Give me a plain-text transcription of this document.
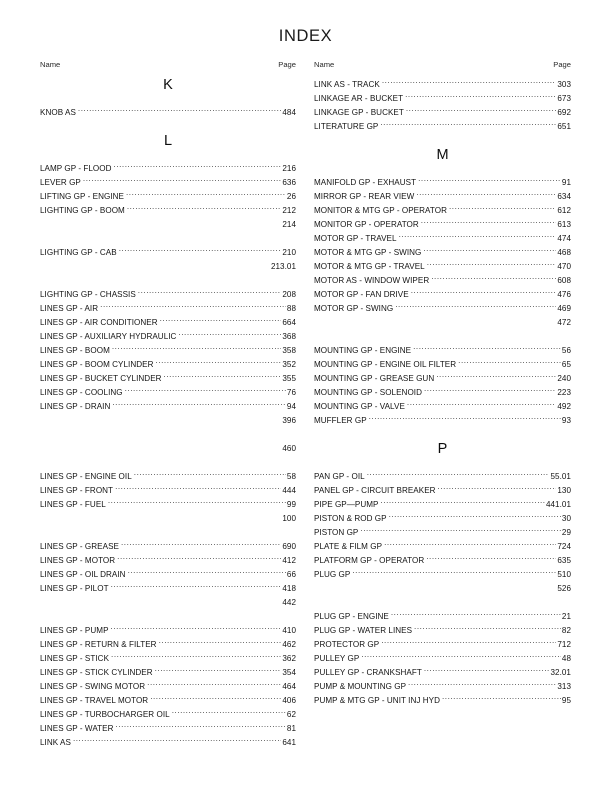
INDEX
Name	Page
K
KNOB AS .....	484
L
LAMP GP - FLOOD .....	216
LEVER GP .....	636
LIFTING GP - ENGINE .....	26
LIGHTING GP - BOOM .....	212
214
LIGHTING GP - CAB .....	210
213.01
LIGHTING GP - CHASSIS .....	208
LINES GP - AIR .....	88
LINES GP - AIR CONDITIONER .....	664
LINES GP - AUXILIARY HYDRAULIC .....	368
LINES GP - BOOM .....	358
LINES GP - BOOM CYLINDER .....	352
LINES GP - BUCKET CYLINDER .....	355
LINES GP - COOLING .....	76
LINES GP - DRAIN .....	94
396
460
LINES GP - ENGINE OIL .....	58
LINES GP - FRONT .....	444
LINES GP - FUEL .....	99
100
LINES GP - GREASE .....	690
LINES GP - MOTOR .....	412
LINES GP - OIL DRAIN .....	66
LINES GP - PILOT .....	418
442
LINES GP - PUMP .....	410
LINES GP - RETURN & FILTER .....	462
LINES GP - STICK .....	362
LINES GP - STICK CYLINDER .....	354
LINES GP - SWING MOTOR .....	464
LINES GP - TRAVEL MOTOR .....	406
LINES GP - TURBOCHARGER OIL .....	62
LINES GP - WATER .....	81
LINK AS .....	641
Name	Page
LINK AS - TRACK .....	303
LINKAGE AR - BUCKET .....	673
LINKAGE GP - BUCKET .....	692
LITERATURE GP .....	651
M
MANIFOLD GP - EXHAUST .....	91
MIRROR GP - REAR VIEW .....	634
MONITOR & MTG GP - OPERATOR .....	612
MONITOR GP - OPERATOR .....	613
MOTOR GP - TRAVEL .....	474
MOTOR & MTG GP - SWING .....	468
MOTOR & MTG GP - TRAVEL .....	470
MOTOR AS - WINDOW WIPER .....	608
MOTOR GP - FAN DRIVE .....	476
MOTOR GP - SWING .....	469
472
MOUNTING GP - ENGINE .....	56
MOUNTING GP - ENGINE OIL FILTER .....	65
MOUNTING GP - GREASE GUN .....	240
MOUNTING GP - SOLENOID .....	223
MOUNTING GP - VALVE .....	492
MUFFLER GP .....	93
P
PAN GP - OIL .....	55.01
PANEL GP - CIRCUIT BREAKER .....	130
PIPE GP—PUMP .....	441.01
PISTON & ROD GP .....	30
PISTON GP .....	29
PLATE & FILM GP .....	724
PLATFORM GP - OPERATOR .....	635
PLUG GP .....	510
526
PLUG GP - ENGINE .....	21
PLUG GP - WATER LINES .....	82
PROTECTOR GP .....	712
PULLEY GP .....	48
PULLEY GP - CRANKSHAFT .....	32.01
PUMP & MOUNTING GP .....	313
PUMP & MTG GP - UNIT INJ HYD .....	95
